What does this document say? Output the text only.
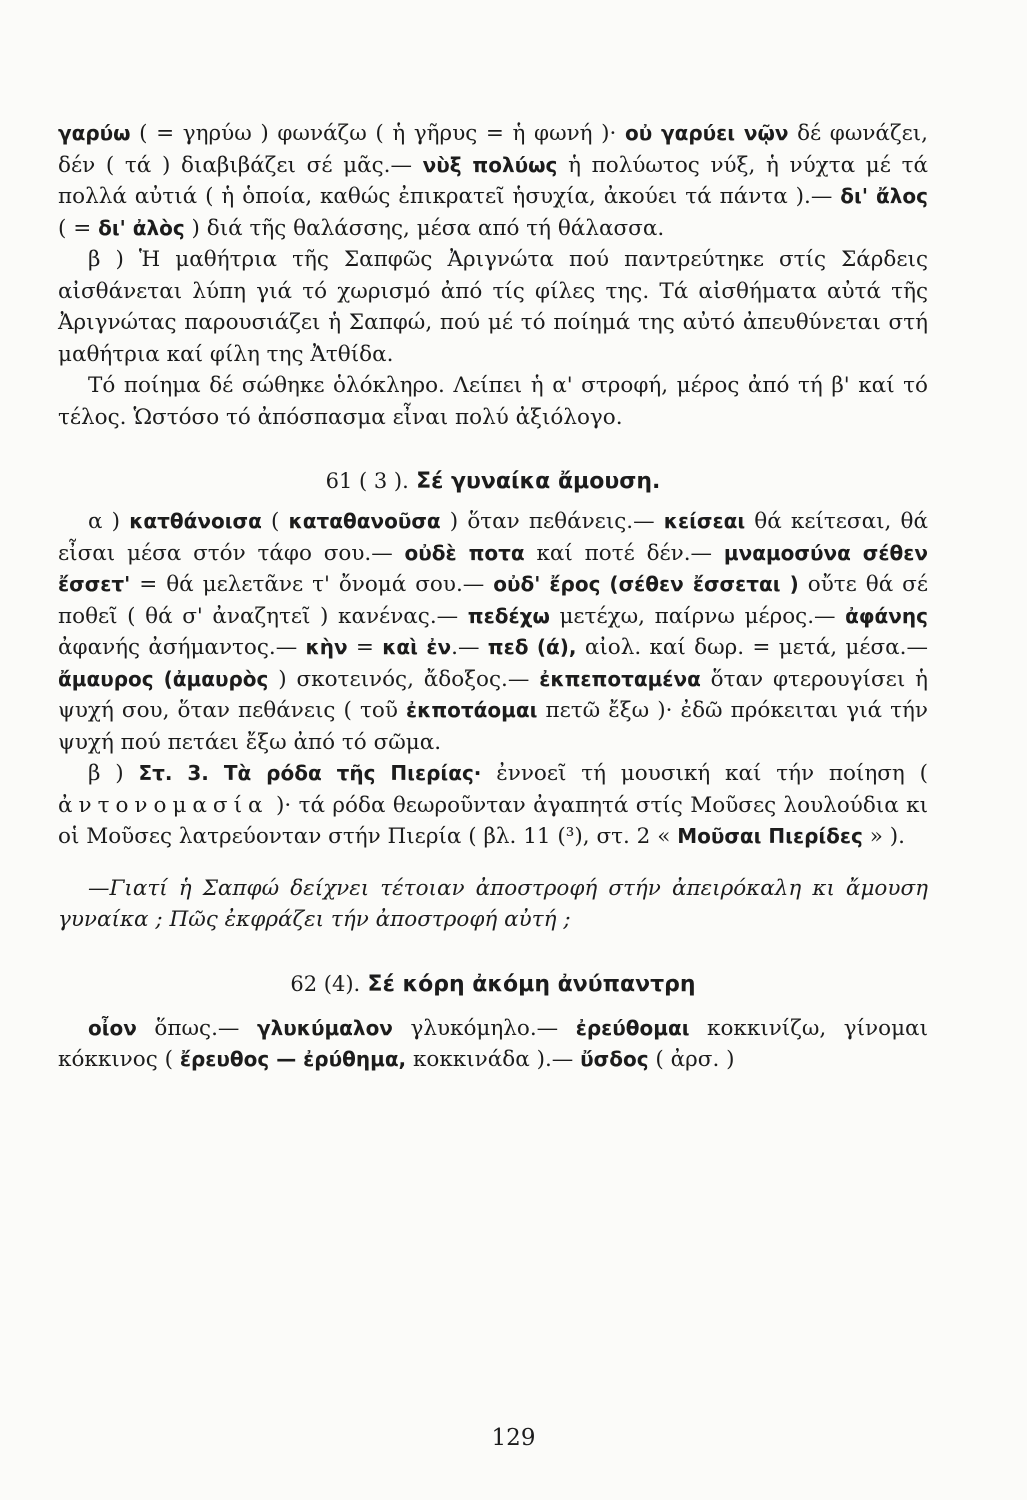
γαρύω ( = γηρύω ) φωνάζω ( ἡ γῆρυς = ἡ φωνή )· οὐ γαρύει νῷν δέ φωνάζει, δέν ( τά ) διαβιβάζει σέ μᾶς.— νὺξ πολύως ἡ πολύωτος νύξ, ἡ νύχτα μέ τά πολλά αὐτιά ( ἡ ὁποία, καθώς ἐπικρατεῖ ἡσυχία, ἀκούει τά πάντα ).— δι' ἄλος ( = δι' ἀλὸς ) διά τῆς θαλάσσης, μέσα από τή θάλασσα.

β ) Ἡ μαθήτρια τῆς Σαπφῶς Ἀριγνώτα πού παντρεύτηκε στίς Σάρδεις αἰσθάνεται λύπη γιά τό χωρισμό ἀπό τίς φίλες της. Τά αἰσθήματα αὐτά τῆς Ἀριγνώτας παρουσιάζει ἡ Σαπφώ, πού μέ τό ποίημά της αὐτό ἀπευθύνεται στή μαθήτρια καί φίλη της Ἀτθίδα.

Τό ποίημα δέ σώθηκε ὁλόκληρο. Λείπει ἡ α' στροφή, μέρος ἀπό τή β' καί τό τέλος. Ὡστόσο τό ἀπόσπασμα εἶναι πολύ ἀξιόλογο.

61 ( 3 ). Σέ γυναίκα ἄμουση.

α ) κατθάνοισα ( καταθανοῦσα ) ὅταν πεθάνεις.— κείσεαι θά κείτεσαι, θά εἶσαι μέσα στόν τάφο σου.— οὐδὲ ποτα καί ποτέ δέν.— μναμοσύνα σέθεν ἔσσετ' = θά μελετᾶνε τ' ὄνομά σου.— οὐδ' ἔρος (σέθεν ἔσσεται ) οὔτε θά σέ ποθεῖ ( θά σ' ἀναζητεῖ ) κανένας.— πεδέχω μετέχω, παίρνω μέρος.— ἀφάνης ἀφανής ἀσήμαντος.— κὴν = καὶ ἐν.— πεδ (ά), αἰολ. καί δωρ. = μετά, μέσα.— ἄμαυρος (ἀμαυρὸς ) σκοτεινός, ἄδοξος.— ἐκπεποταμένα ὅταν φτερουγίσει ἡ ψυχή σου, ὅταν πεθάνεις ( τοῦ ἐκποτάομαι πετῶ ἔξω )· ἐδῶ πρόκειται γιά τήν ψυχή πού πετάει ἔξω ἀπό τό σῶμα.

β ) Στ. 3. Τὰ ρόδα τῆς Πιερίας· ἐννοεῖ τή μουσική καί τήν ποίηση ( ἀντονομασία )· τά ρόδα θεωροῦνταν ἀγαπητά στίς Μοῦσες λουλούδια κι οἱ Μοῦσες λατρεύονταν στήν Πιερία ( βλ. 11 (³), στ. 2 « Μοῦσαι Πιερίδες » ).

—Γιατί ἡ Σαπφώ δείχνει τέτοιαν ἀποστροφή στήν ἀπειρόκαλη κι ἄμουση γυναίκα ; Πῶς ἐκφράζει τήν ἀποστροφή αὐτή ;

62 (4). Σέ κόρη ἀκόμη ἀνύπαντρη

οἶον ὅπως.— γλυκύμαλον γλυκόμηλο.— ἐρεύθομαι κοκκινίζω, γίνομαι κόκκινος ( ἔρευθος — ἐρύθημα, κοκκινάδα ).— ὔσδος ( ἀρσ. )

129
